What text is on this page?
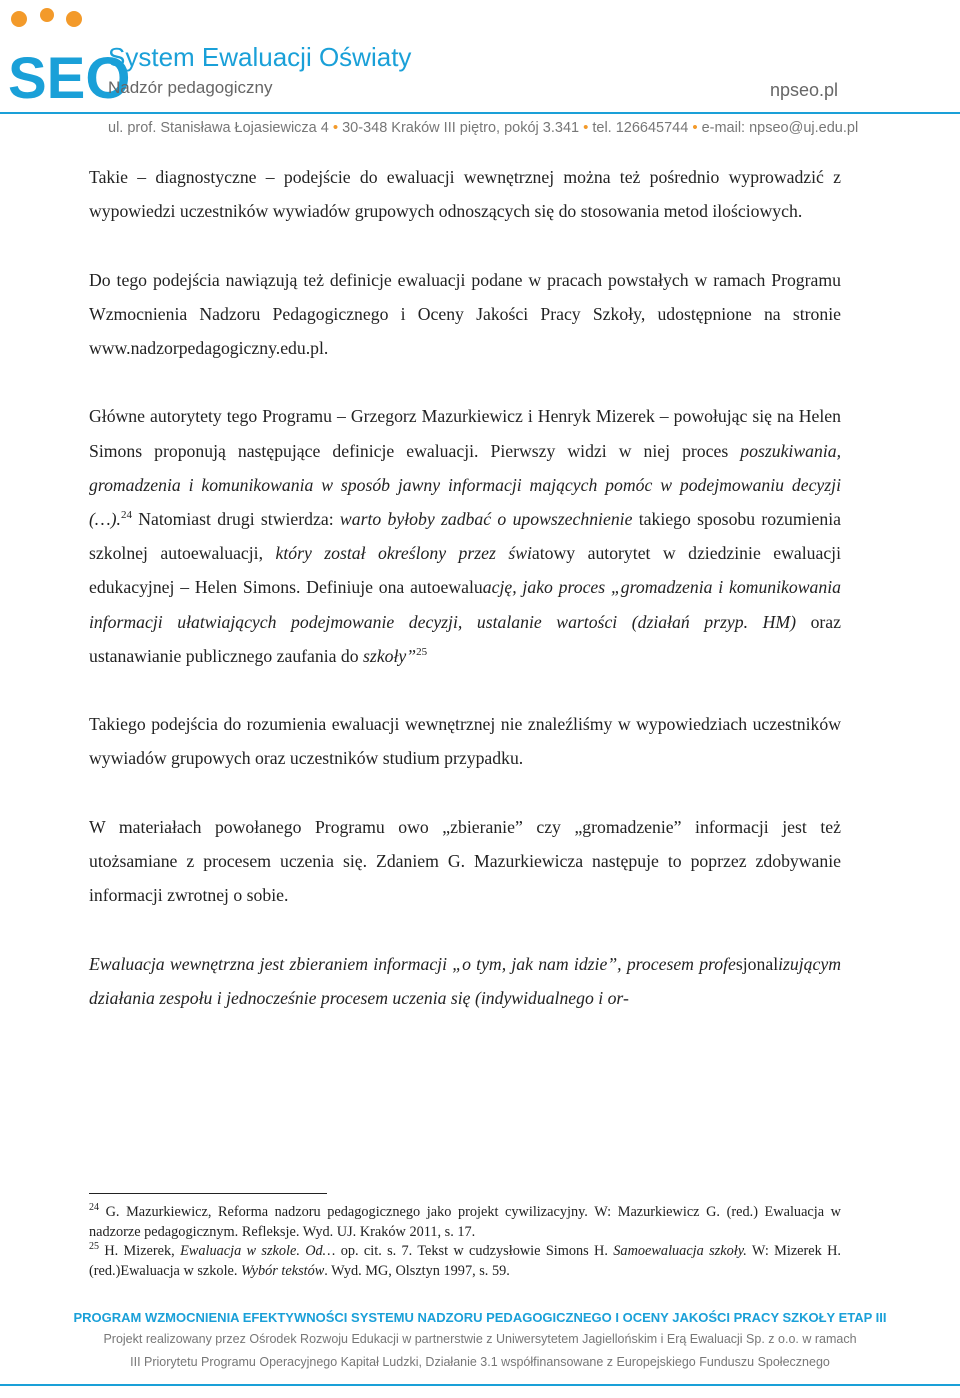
SEO
System Ewaluacji Oświaty
Nadzór pedagogiczny	npseo.pl
ul. prof. Stanisława Łojasiewicza 4 • 30-348 Kraków III piętro, pokój 3.341 • tel. 126645744 • e-mail: npseo@uj.edu.pl

Takie – diagnostyczne – podejście do ewaluacji wewnętrznej można też pośrednio wyprowadzić z wypowiedzi uczestników wywiadów grupowych odnoszących się do stosowania metod ilościowych.

Do tego podejścia nawiązują też definicje ewaluacji podane w pracach powstałych w ramach Programu Wzmocnienia Nadzoru Pedagogicznego i Oceny Jakości Pracy Szkoły, udostępnione na stronie www.nadzorpedagogiczny.edu.pl.

Główne autorytety tego Programu – Grzegorz Mazurkiewicz i Henryk Mizerek – powołując się na Helen Simons proponują następujące definicje ewaluacji. Pierwszy widzi w niej proces poszukiwania, gromadzenia i komunikowania w sposób jawny informacji mających pomóc w podejmowaniu decyzji (…).$^{24}$ Natomiast drugi stwierdza: warto byłoby zadbać o upowszechnienie takiego sposobu rozumienia szkolnej autoewaluacji, który został określony przez światowy autorytet w dziedzinie ewaluacji edukacyjnej – Helen Simons. Definiuje ona autoewaluację, jako proces „gromadzenia i komunikowania informacji ułatwiających podejmowanie decyzji, ustalanie wartości (działań przyp. HM) oraz ustanawianie publicznego zaufania do szkoły”$^{25}$

Takiego podejścia do rozumienia ewaluacji wewnętrznej nie znaleźliśmy w wypowiedziach uczestników wywiadów grupowych oraz uczestników studium przypadku.

W materiałach powołanego Programu owo „zbieranie” czy „gromadzenie” informacji jest też utożsamiane z procesem uczenia się. Zdaniem G. Mazurkiewicza następuje to poprzez zdobywanie informacji zwrotnej o sobie.

Ewaluacja wewnętrzna jest zbieraniem informacji „o tym, jak nam idzie”, procesem profesjonalizującym działania zespołu i jednocześnie procesem uczenia się (indywidualnego i or-

$^{24}$ G. Mazurkiewicz, Reforma nadzoru pedagogicznego jako projekt cywilizacyjny. W: Mazurkiewicz G. (red.) Ewaluacja w nadzorze pedagogicznym. Refleksje. Wyd. UJ. Kraków 2011, s. 17.

$^{25}$ H. Mizerek, Ewaluacja w szkole. Od… op. cit. s. 7. Tekst w cudzysłowie Simons H. Samoewaluacja szkoły. W: Mizerek H. (red.)Ewaluacja w szkole. Wybór tekstów. Wyd. MG, Olsztyn 1997, s. 59.

PROGRAM WZMOCNIENIA EFEKTYWNOŚCI SYSTEMU NADZORU PEDAGOGICZNEGO I OCENY JAKOŚCI PRACY SZKOŁY ETAP III
Projekt realizowany przez Ośrodek Rozwoju Edukacji w partnerstwie z Uniwersytetem Jagiellońskim i Erą Ewaluacji Sp. z o.o. w ramach
III Priorytetu Programu Operacyjnego Kapitał Ludzki, Działanie 3.1 współfinansowane z Europejskiego Funduszu Społecznego
